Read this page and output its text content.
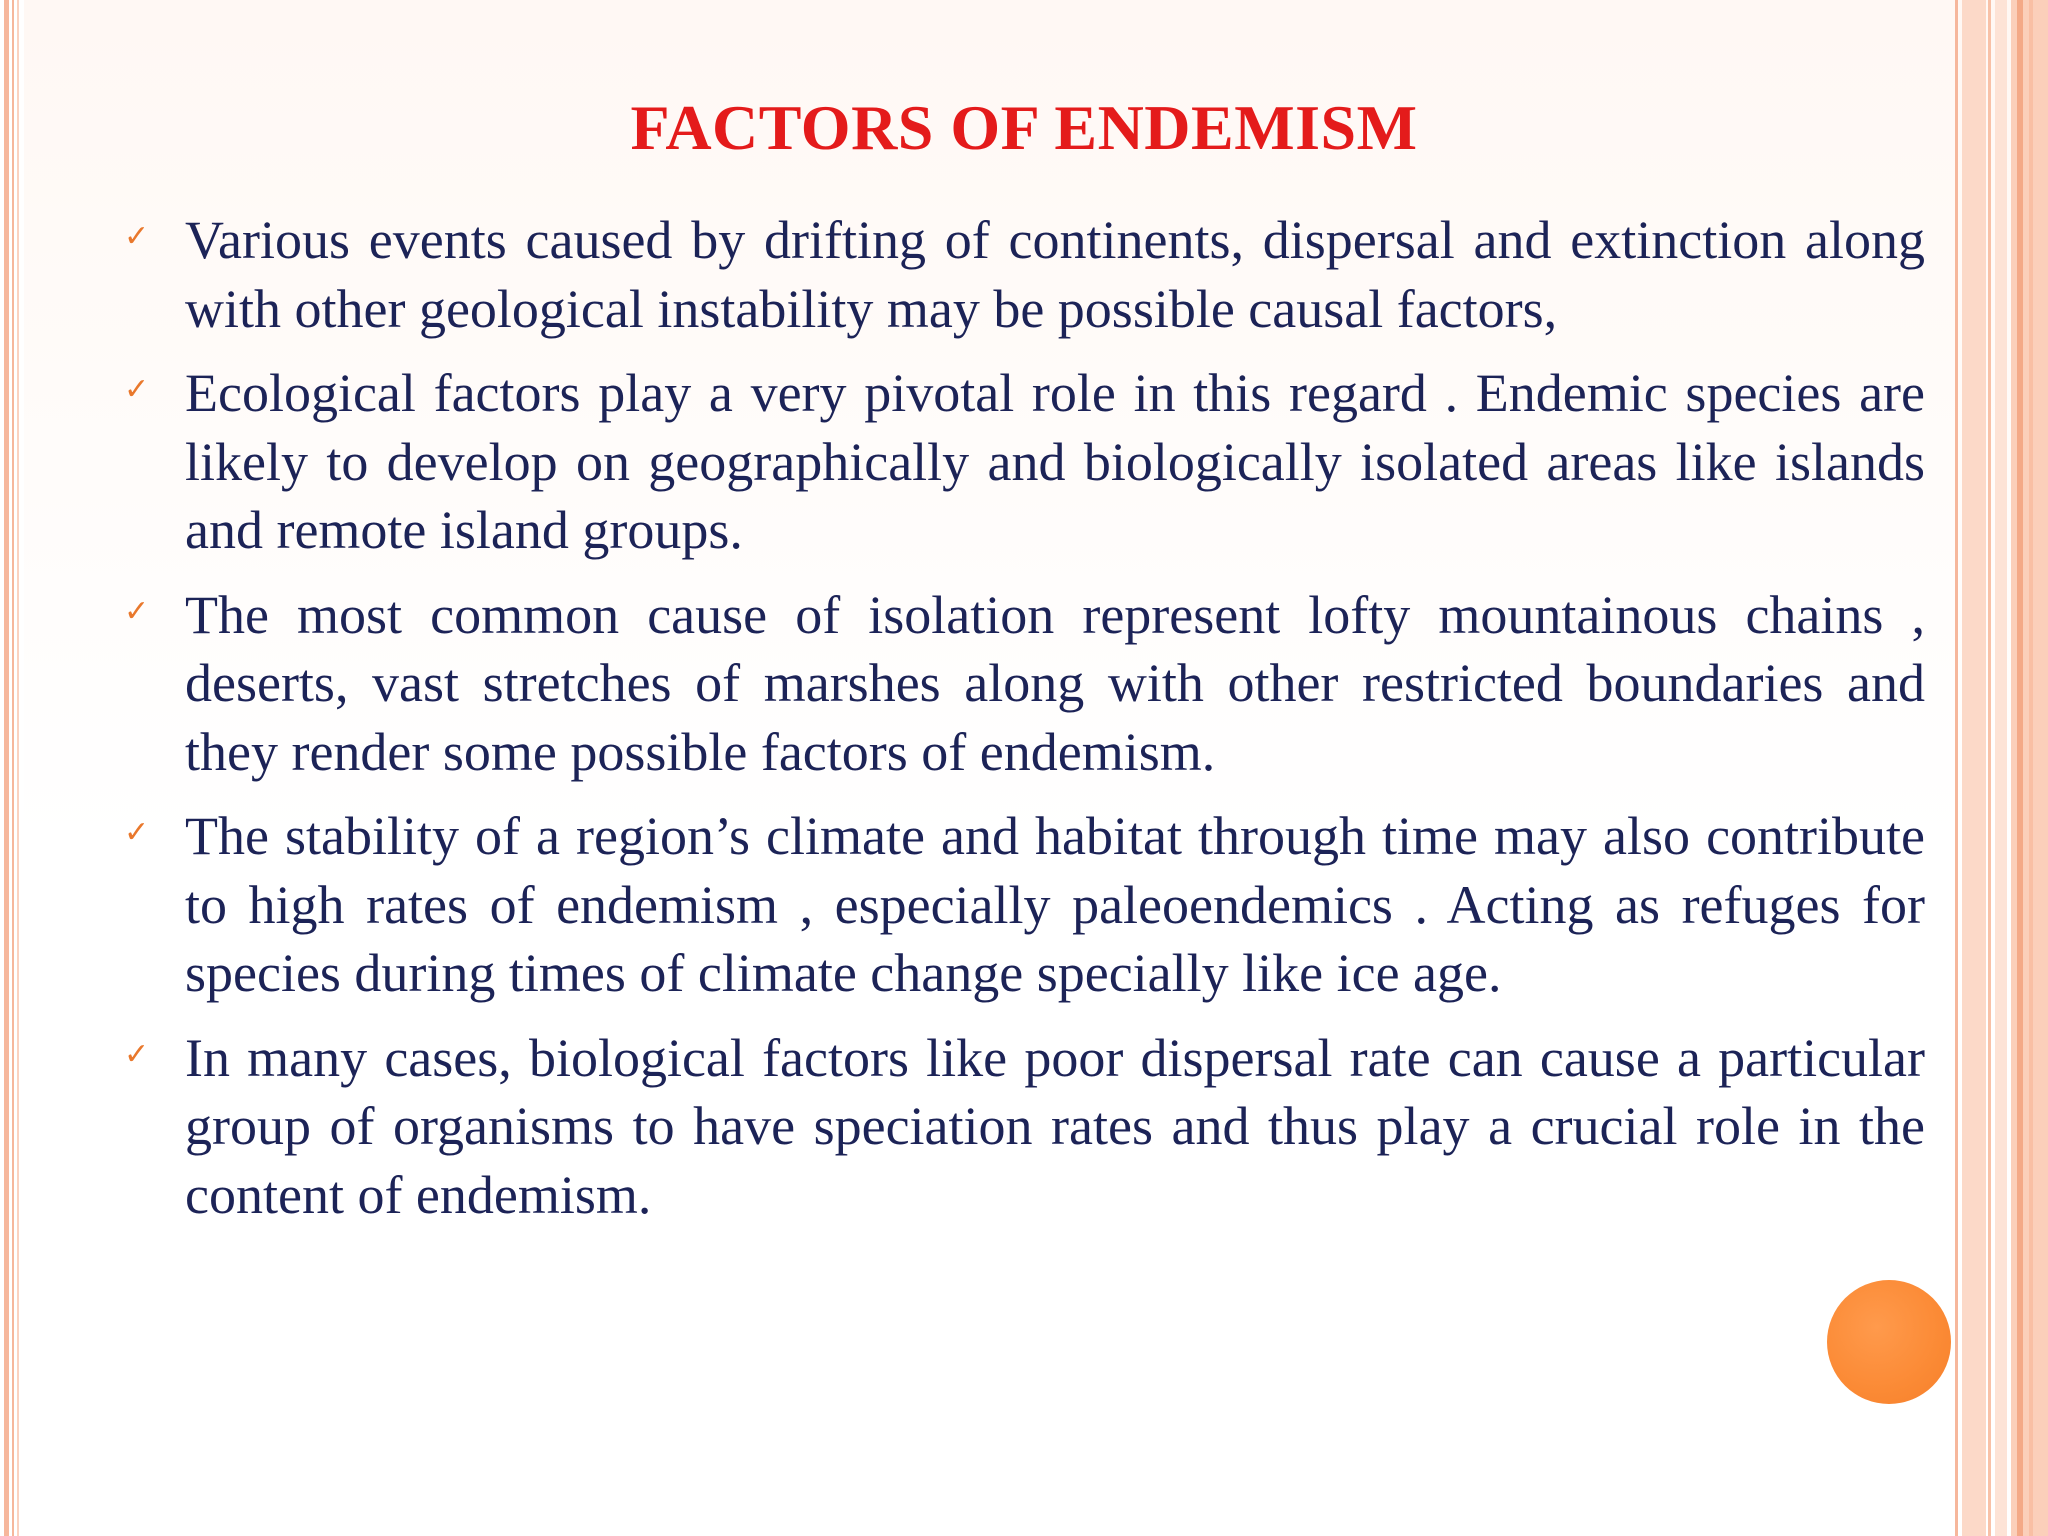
FACTORS OF ENDEMISM
✓ Various events caused by drifting of continents, dispersal and extinction along with other geological instability may be possible causal factors,
✓ Ecological factors play a very pivotal role in this regard . Endemic species are likely to develop on geographically and biologically isolated areas like islands and remote island groups.
✓ The most common cause of isolation represent lofty mountainous chains , deserts, vast stretches of marshes along with other restricted boundaries and they render some possible factors of endemism.
✓ The stability of a region’s climate and habitat through time may also contribute to high rates of endemism , especially paleoendemics . Acting as refuges for species during times of climate change specially like ice age.
✓ In many cases, biological factors like poor dispersal rate can cause a particular group of organisms to have speciation rates and thus play a crucial role in the content of endemism.
